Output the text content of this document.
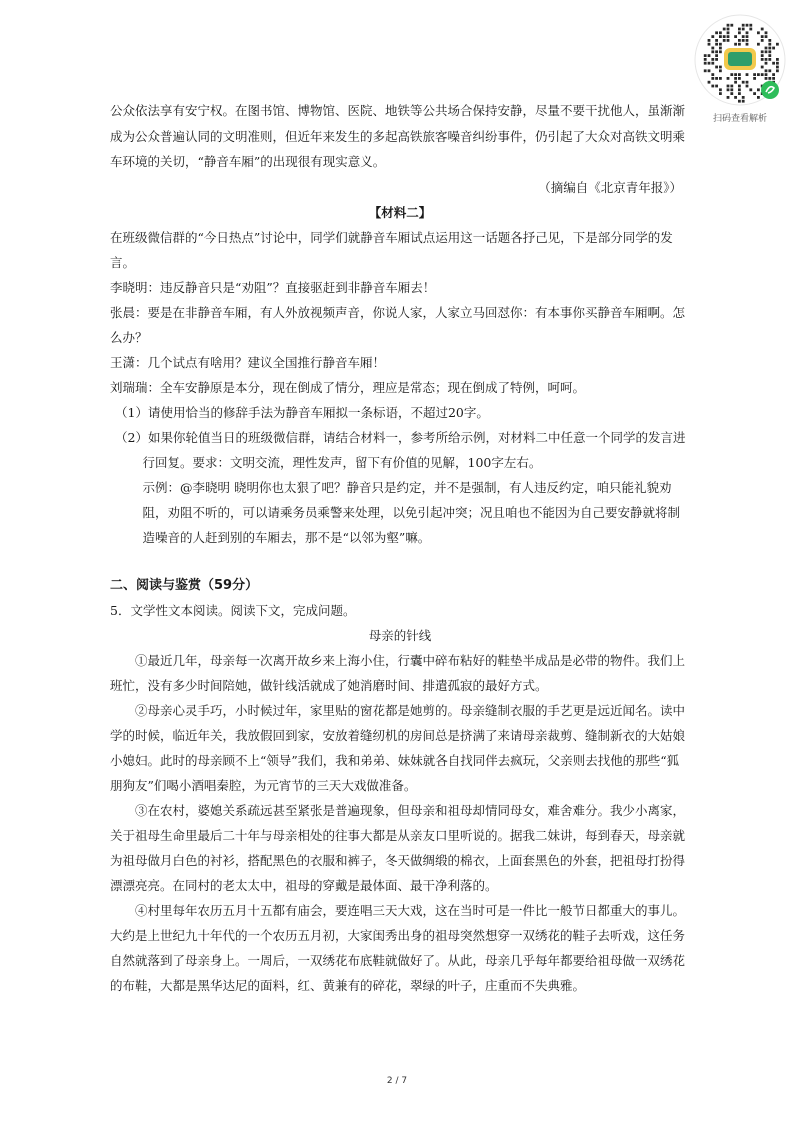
扫码查看解析

公众依法享有安宁权。在图书馆、博物馆、医院、地铁等公共场合保持安静，尽量不要干扰他人，虽渐渐成为公众普遍认同的文明准则，但近年来发生的多起高铁旅客噪音纠纷事件，仍引起了大众对高铁文明乘车环境的关切，“静音车厢”的出现很有现实意义。

（摘编自《北京青年报》）

【材料二】

在班级微信群的“今日热点”讨论中，同学们就静音车厢试点运用这一话题各抒己见，下是部分同学的发言。

李晓明：违反静音只是“劝阻”？直接驱赶到非静音车厢去！

张晨：要是在非静音车厢，有人外放视频声音，你说人家，人家立马回怼你：有本事你买静音车厢啊。怎么办？

王潇：几个试点有啥用？建议全国推行静音车厢！

刘瑞瑞：全车安静原是本分，现在倒成了情分，理应是常态；现在倒成了特例，呵呵。

（1）请使用恰当的修辞手法为静音车厢拟一条标语，不超过20字。

（2）如果你轮值当日的班级微信群，请结合材料一，参考所给示例，对材料二中任意一个同学的发言进行回复。要求：文明交流，理性发声，留下有价值的见解，100字左右。

示例：@李晓明 晓明你也太狠了吧？静音只是约定，并不是强制，有人违反约定，咱只能礼貌劝阻，劝阻不听的，可以请乘务员乘警来处理，以免引起冲突；况且咱也不能因为自己要安静就将制造噪音的人赶到别的车厢去，那不是“以邻为壑”嘛。

二、阅读与鉴赏（59分）

5．文学性文本阅读。阅读下文，完成问题。

母亲的针线

①最近几年，母亲每一次离开故乡来上海小住，行囊中碎布粘好的鞋垫半成品是必带的物件。我们上班忙，没有多少时间陪她，做针线活就成了她消磨时间、排遣孤寂的最好方式。

②母亲心灵手巧，小时候过年，家里贴的窗花都是她剪的。母亲缝制衣服的手艺更是远近闻名。读中学的时候，临近年关，我放假回到家，安放着缝纫机的房间总是挤满了来请母亲裁剪、缝制新衣的大姑娘小媳妇。此时的母亲顾不上“领导”我们，我和弟弟、妹妹就各自找同伴去疯玩，父亲则去找他的那些“狐朋狗友”们喝小酒唱秦腔，为元宵节的三天大戏做准备。

③在农村，婆媳关系疏远甚至紧张是普遍现象，但母亲和祖母却情同母女，难舍难分。我少小离家，关于祖母生命里最后二十年与母亲相处的往事大都是从亲友口里听说的。据我二妹讲，每到春天，母亲就为祖母做月白色的衬衫，搭配黑色的衣服和裤子，冬天做绸缎的棉衣，上面套黑色的外套，把祖母打扮得漂漂亮亮。在同村的老太太中，祖母的穿戴是最体面、最干净利落的。

④村里每年农历五月十五都有庙会，要连唱三天大戏，这在当时可是一件比一般节日都重大的事儿。大约是上世纪九十年代的一个农历五月初，大家闺秀出身的祖母突然想穿一双绣花的鞋子去听戏，这任务自然就落到了母亲身上。一周后，一双绣花布底鞋就做好了。从此，母亲几乎每年都要给祖母做一双绣花的布鞋，大都是黑华达尼的面料，红、黄兼有的碎花，翠绿的叶子，庄重而不失典雅。

2 / 7
